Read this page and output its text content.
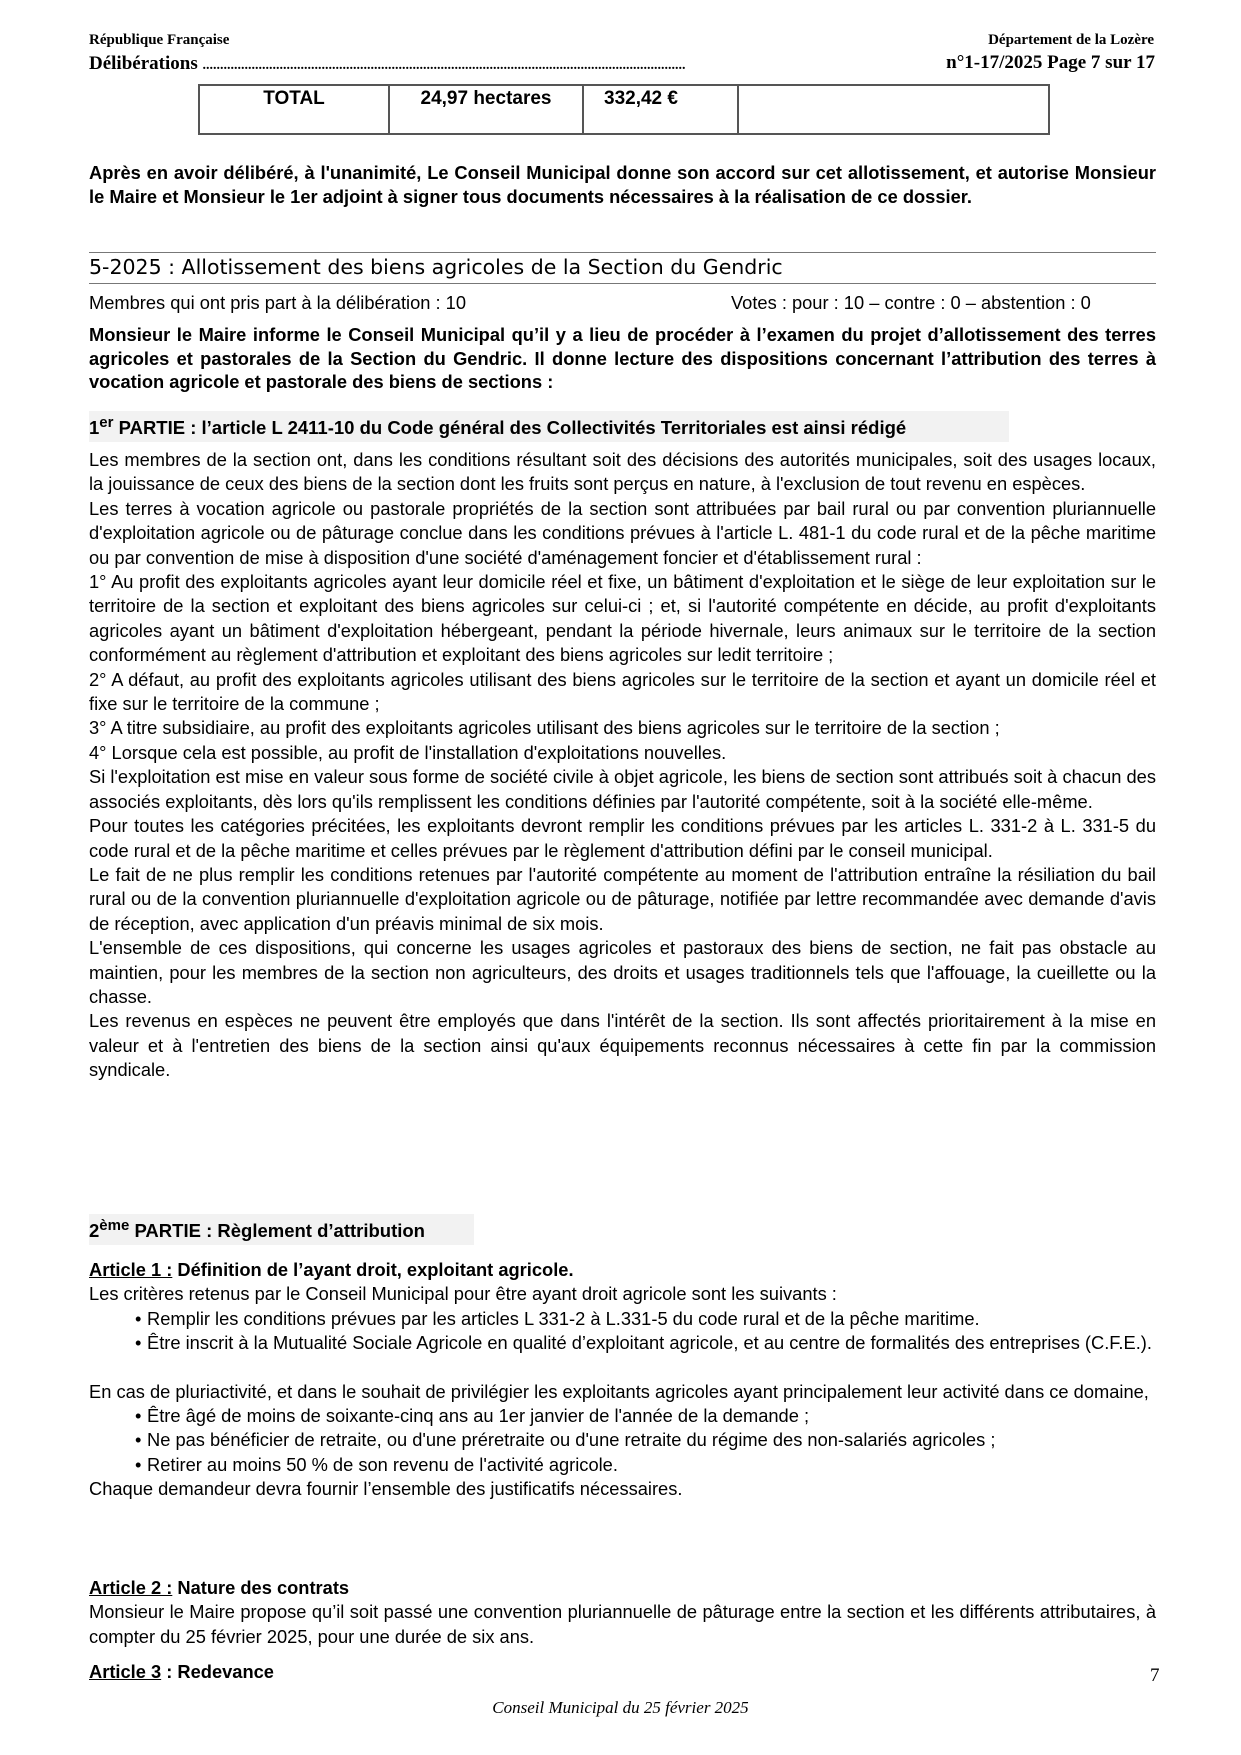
République Française	Département de la Lozère
Délibérations ..........................................................................................................................................	n°1-17/2025 Page 7 sur 17
TOTAL	24,97 hectares	332,42 €	
Après en avoir délibéré, à l'unanimité, Le Conseil Municipal donne son accord sur cet allotissement, et autorise Monsieur le Maire et Monsieur le 1er adjoint à signer tous documents nécessaires à la réalisation de ce dossier.
5-2025 : Allotissement des biens agricoles de la Section du Gendric
Membres qui ont pris part à la délibération : 10	Votes : pour : 10 – contre : 0 – abstention : 0
Monsieur le Maire informe le Conseil Municipal qu’il y a lieu de procéder à l’examen du projet d’allotissement des terres agricoles et pastorales de la Section du Gendric. Il donne lecture des dispositions concernant l’attribution des terres à vocation agricole et pastorale des biens de sections :
1er PARTIE : l’article L 2411-10 du Code général des Collectivités Territoriales est ainsi rédigé
Les membres de la section ont, dans les conditions résultant soit des décisions des autorités municipales, soit des usages locaux, la jouissance de ceux des biens de la section dont les fruits sont perçus en nature, à l'exclusion de tout revenu en espèces.
Les terres à vocation agricole ou pastorale propriétés de la section sont attribuées par bail rural ou par convention pluriannuelle d'exploitation agricole ou de pâturage conclue dans les conditions prévues à l'article L. 481-1 du code rural et de la pêche maritime ou par convention de mise à disposition d'une société d'aménagement foncier et d'établissement rural :
1° Au profit des exploitants agricoles ayant leur domicile réel et fixe, un bâtiment d'exploitation et le siège de leur exploitation sur le territoire de la section et exploitant des biens agricoles sur celui-ci ; et, si l'autorité compétente en décide, au profit d'exploitants agricoles ayant un bâtiment d'exploitation hébergeant, pendant la période hivernale, leurs animaux sur le territoire de la section conformément au règlement d'attribution et exploitant des biens agricoles sur ledit territoire ;
2° A défaut, au profit des exploitants agricoles utilisant des biens agricoles sur le territoire de la section et ayant un domicile réel et fixe sur le territoire de la commune ;
3° A titre subsidiaire, au profit des exploitants agricoles utilisant des biens agricoles sur le territoire de la section ;
4° Lorsque cela est possible, au profit de l'installation d'exploitations nouvelles.
Si l'exploitation est mise en valeur sous forme de société civile à objet agricole, les biens de section sont attribués soit à chacun des associés exploitants, dès lors qu'ils remplissent les conditions définies par l'autorité compétente, soit à la société elle-même.
Pour toutes les catégories précitées, les exploitants devront remplir les conditions prévues par les articles L. 331-2 à L. 331-5 du code rural et de la pêche maritime et celles prévues par le règlement d'attribution défini par le conseil municipal.
Le fait de ne plus remplir les conditions retenues par l'autorité compétente au moment de l'attribution entraîne la résiliation du bail rural ou de la convention pluriannuelle d'exploitation agricole ou de pâturage, notifiée par lettre recommandée avec demande d'avis de réception, avec application d'un préavis minimal de six mois.
L'ensemble de ces dispositions, qui concerne les usages agricoles et pastoraux des biens de section, ne fait pas obstacle au maintien, pour les membres de la section non agriculteurs, des droits et usages traditionnels tels que l'affouage, la cueillette ou la chasse.
Les revenus en espèces ne peuvent être employés que dans l'intérêt de la section. Ils sont affectés prioritairement à la mise en valeur et à l'entretien des biens de la section ainsi qu'aux équipements reconnus nécessaires à cette fin par la commission syndicale.
2ème PARTIE : Règlement d’attribution
Article 1 : Définition de l’ayant droit, exploitant agricole.
Les critères retenus par le Conseil Municipal pour être ayant droit agricole sont les suivants :
• Remplir les conditions prévues par les articles L 331-2 à L.331-5 du code rural et de la pêche maritime.
• Être inscrit à la Mutualité Sociale Agricole en qualité d’exploitant agricole, et au centre de formalités des entreprises (C.F.E.).
En cas de pluriactivité, et dans le souhait de privilégier les exploitants agricoles ayant principalement leur activité dans ce domaine,
• Être âgé de moins de soixante-cinq ans au 1er janvier de l'année de la demande ;
• Ne pas bénéficier de retraite, ou d'une préretraite ou d'une retraite du régime des non-salariés agricoles ;
• Retirer au moins 50 % de son revenu de l'activité agricole.
Chaque demandeur devra fournir l’ensemble des justificatifs nécessaires.
Article 2 : Nature des contrats
Monsieur le Maire propose qu’il soit passé une convention pluriannuelle de pâturage entre la section et les différents attributaires, à compter du 25 février 2025, pour une durée de six ans.
Article 3 : Redevance	7
Conseil Municipal du 25 février 2025
